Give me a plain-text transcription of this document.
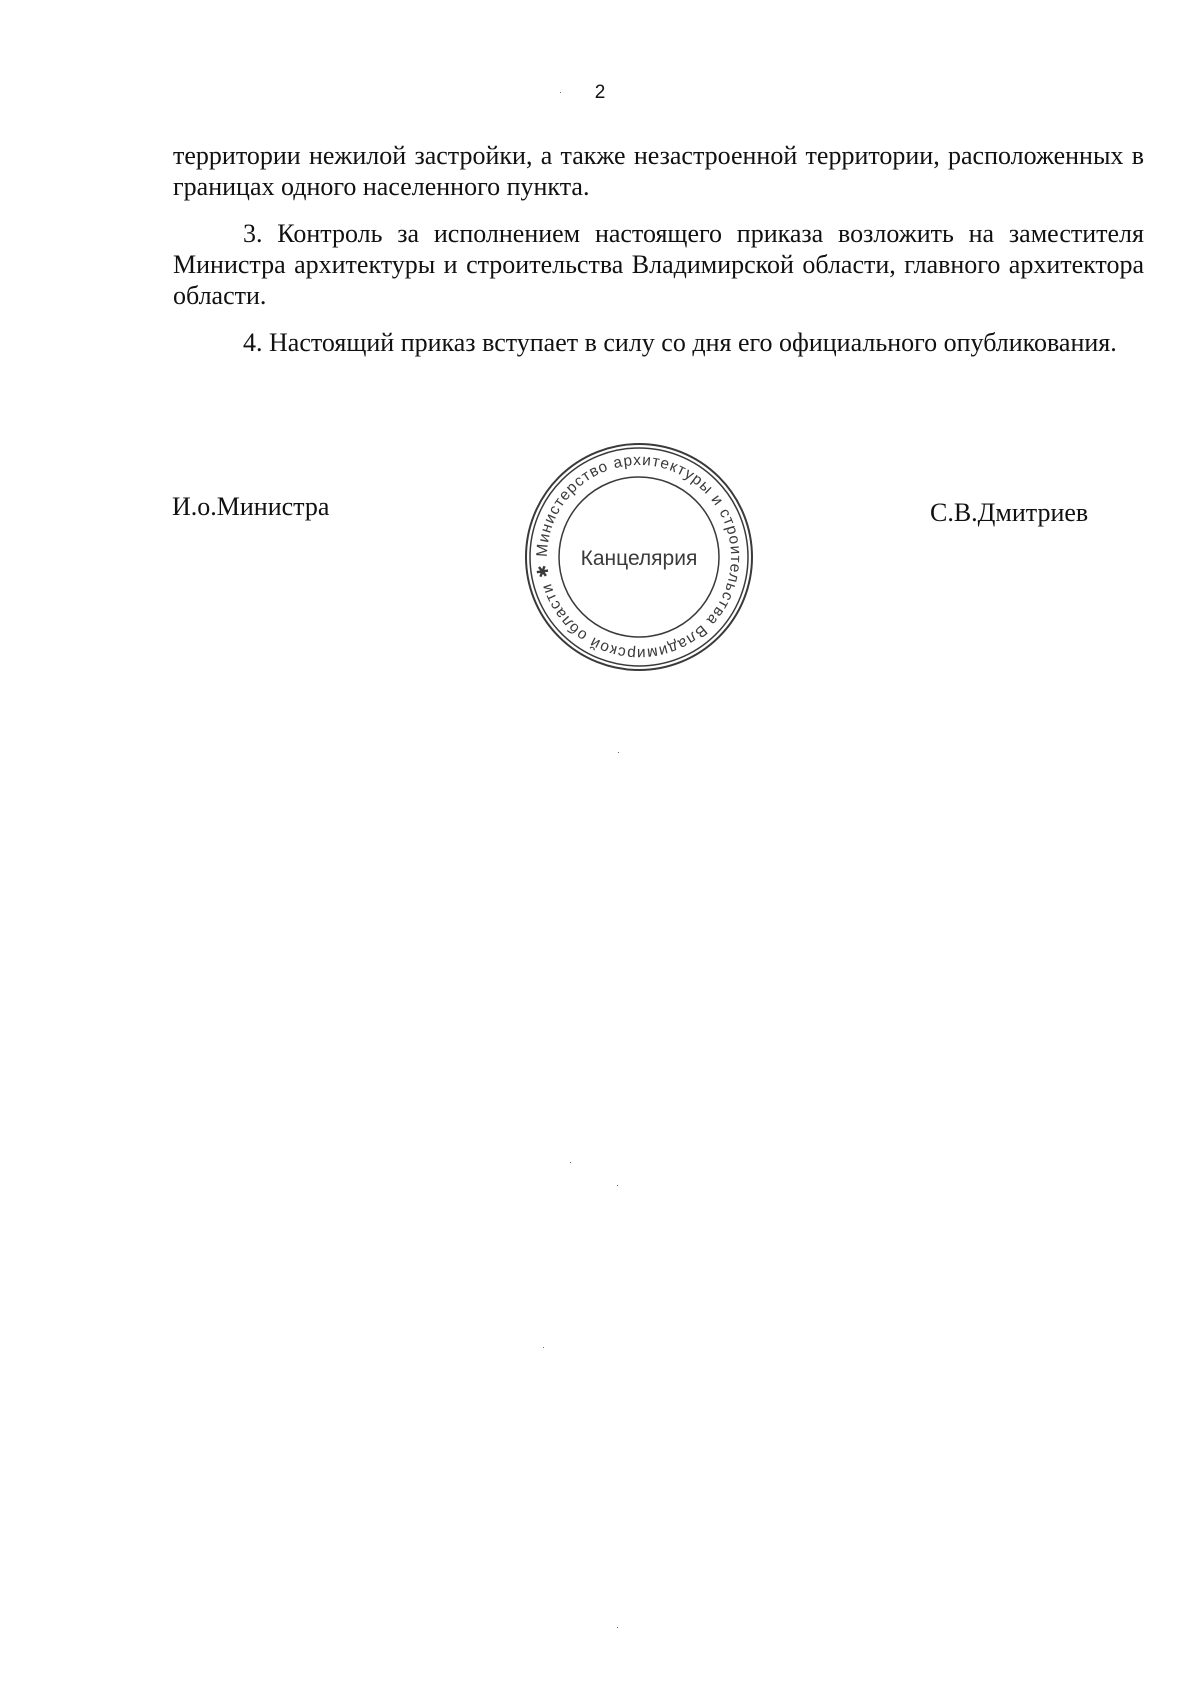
2

территории нежилой застройки, а также незастроенной территории, расположенных в границах одного населенного пункта.

3. Контроль за исполнением настоящего приказа возложить на заместителя Министра архитектуры и строительства Владимирской области, главного архитектора области.

4. Настоящий приказ вступает в силу со дня его официального опубликования.

И.о.Министра
Министерство архитектуры и строительства Владимирской области ✱
Канцелярия
С.В.Дмитриев
